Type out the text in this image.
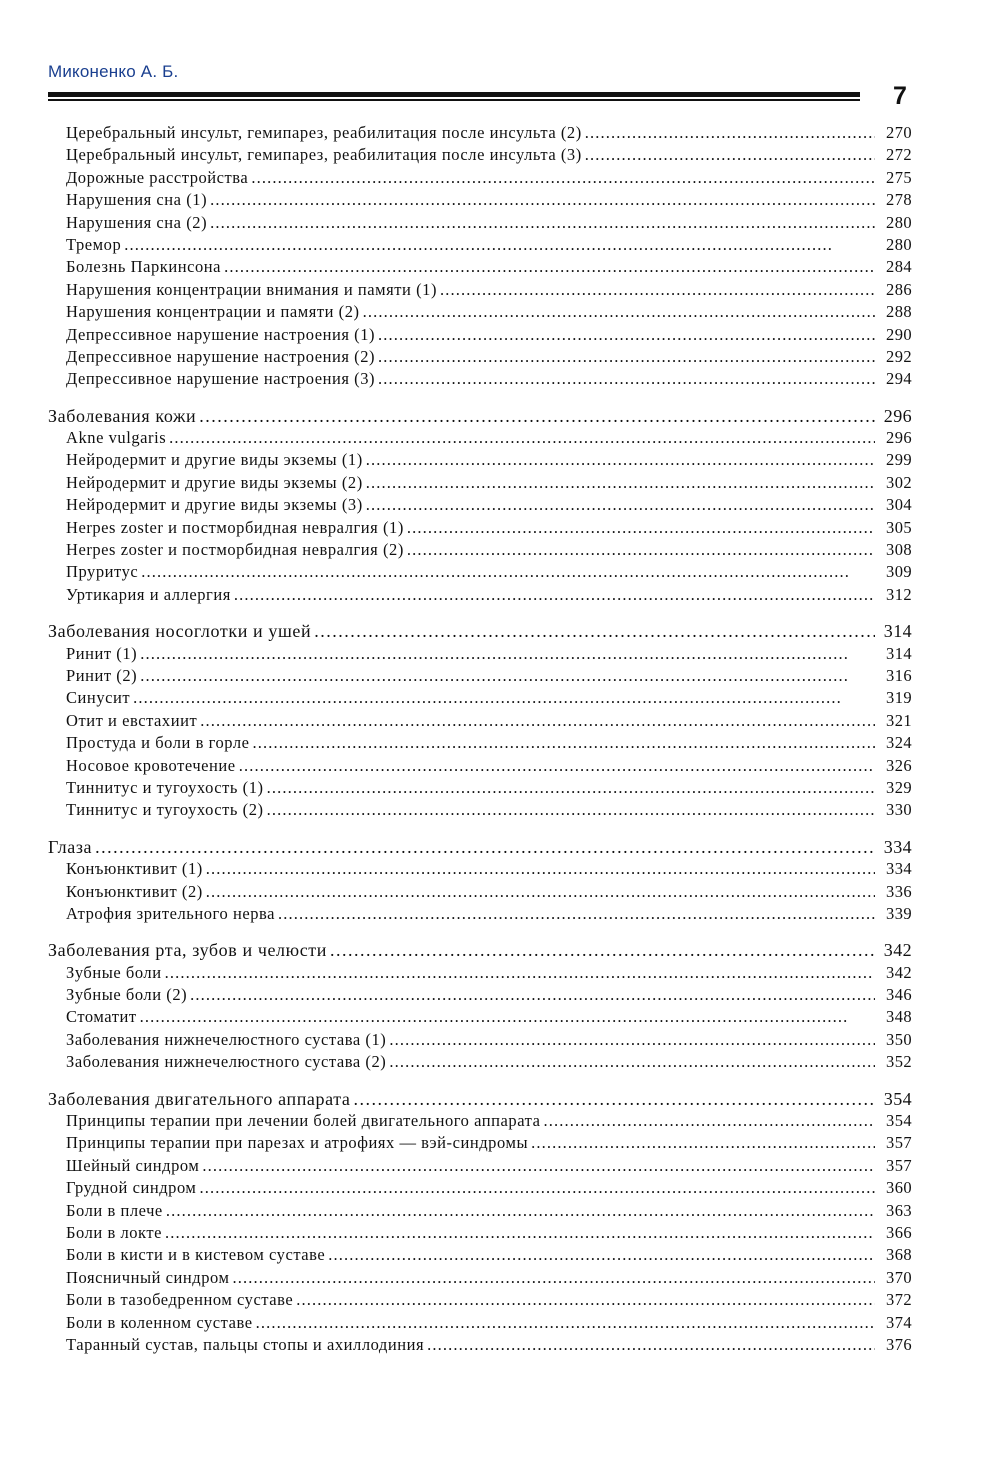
Миконенко А. Б.
7
Церебральный инсульт, гемипарез, реабилитация после инсульта (2) . . .	270
Церебральный инсульт, гемипарез, реабилитация после инсульта (3) . . .	272
Дорожные расстройства . . .	275
Нарушения сна (1) . . .	278
Нарушения сна (2) . . .	280
Тремор . . .	280
Болезнь Паркинсона . . .	284
Нарушения концентрации внимания и памяти (1) . . .	286
Нарушения концентрации и памяти (2) . . .	288
Депрессивное нарушение настроения (1) . . .	290
Депрессивное нарушение настроения (2) . . .	292
Депрессивное нарушение настроения (3) . . .	294
Заболевания кожи . . .	296
Akne vulgaris . . .	296
Нейродермит и другие виды экземы (1) . . .	299
Нейродермит и другие виды экземы (2) . . .	302
Нейродермит и другие виды экземы (3) . . .	304
Herpes zoster и постморбидная невралгия (1) . . .	305
Herpes zoster и постморбидная невралгия (2) . . .	308
Пруритус . . .	309
Уртикария и аллергия . . .	312
Заболевания носоглотки и ушей . . .	314
Ринит (1) . . .	314
Ринит (2) . . .	316
Синусит . . .	319
Отит и евстахиит . . .	321
Простуда и боли в горле . . .	324
Носовое кровотечение . . .	326
Тиннитус и тугоухость (1) . . .	329
Тиннитус и тугоухость (2) . . .	330
Глаза . . .	334
Конъюнктивит (1) . . .	334
Конъюнктивит (2) . . .	336
Атрофия зрительного нерва . . .	339
Заболевания рта, зубов и челюсти . . .	342
Зубные боли . . .	342
Зубные боли (2) . . .	346
Стоматит . . .	348
Заболевания нижнечелюстного сустава (1) . . .	350
Заболевания нижнечелюстного сустава (2) . . .	352
Заболевания двигательного аппарата . . .	354
Принципы терапии при лечении болей двигательного аппарата . . .	354
Принципы терапии при парезах и атрофиях — вэй-синдромы . . .	357
Шейный синдром . . .	357
Грудной синдром . . .	360
Боли в плече . . .	363
Боли в локте . . .	366
Боли в кисти и в кистевом суставе . . .	368
Поясничный синдром . . .	370
Боли в тазобедренном суставе . . .	372
Боли в коленном суставе . . .	374
Таранный сустав, пальцы стопы и ахиллодиния . . .	376
